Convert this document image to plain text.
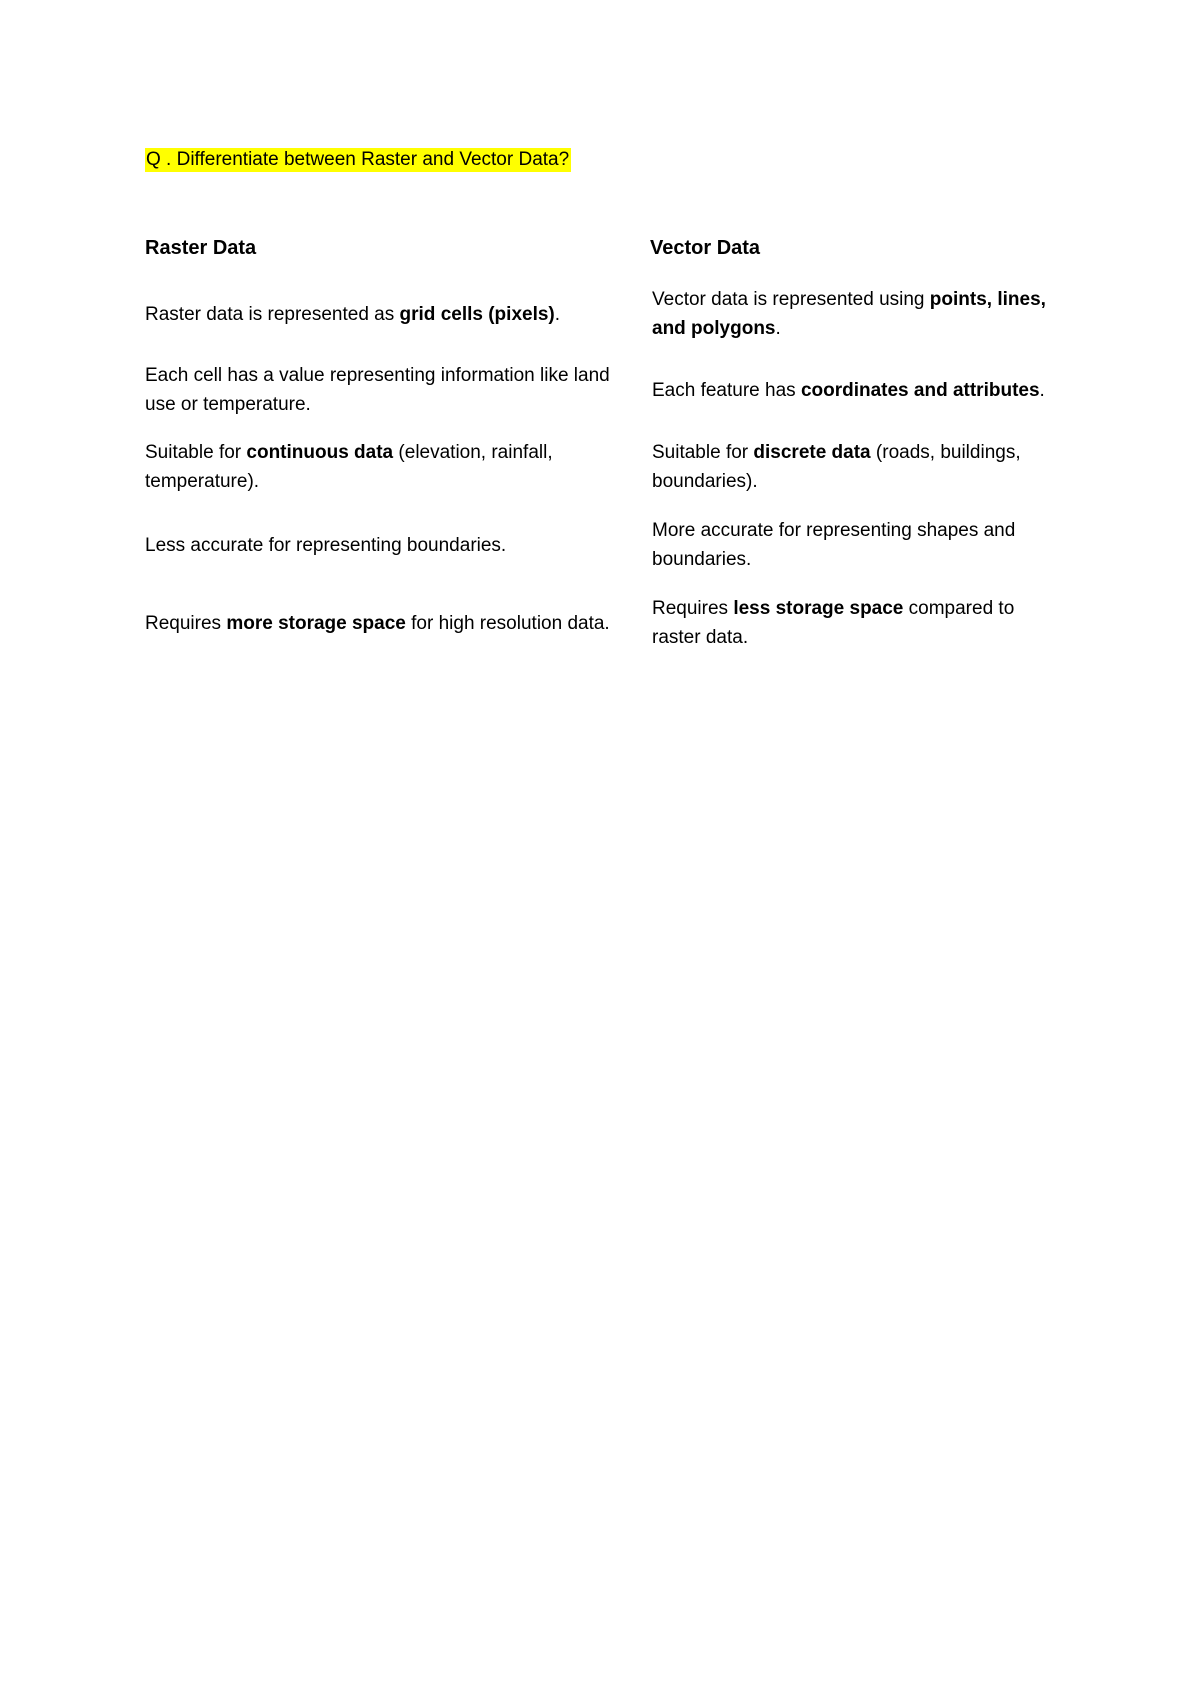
Q . Differentiate between Raster and Vector Data?
Raster Data	Vector Data
Raster data is represented as grid cells (pixels).	Vector data is represented using points, lines, and polygons.
Each cell has a value representing information like land use or temperature.	Each feature has coordinates and attributes.
Suitable for continuous data (elevation, rainfall, temperature).	Suitable for discrete data (roads, buildings, boundaries).
Less accurate for representing boundaries.	More accurate for representing shapes and boundaries.
Requires more storage space for high resolution data.	Requires less storage space compared to raster data.
